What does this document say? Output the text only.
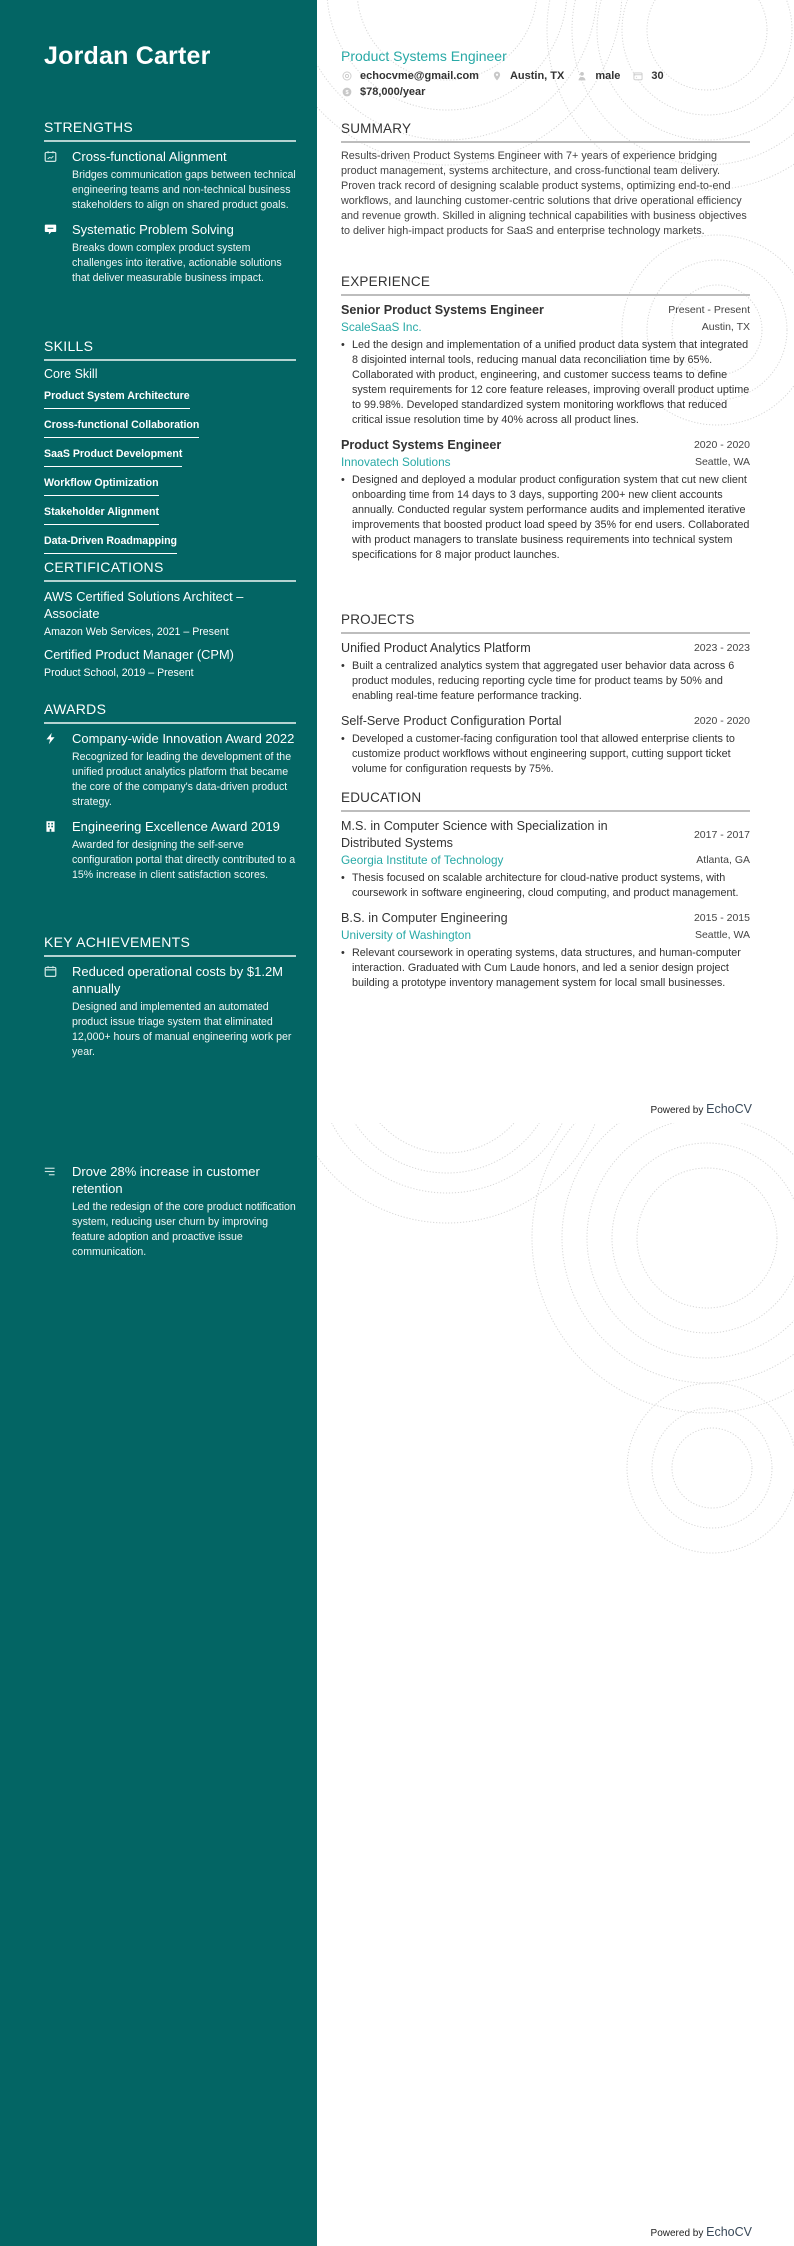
Jordan Carter
STRENGTHS
Cross-functional Alignment
Bridges communication gaps between technical engineering teams and non-technical business stakeholders to align on shared product goals.
Systematic Problem Solving
Breaks down complex product system challenges into iterative, actionable solutions that deliver measurable business impact.
SKILLS
Core Skill
Product System Architecture
Cross-functional Collaboration
SaaS Product Development
Workflow Optimization
Stakeholder Alignment
Data-Driven Roadmapping
CERTIFICATIONS
AWS Certified Solutions Architect – Associate
Amazon Web Services, 2021 – Present
Certified Product Manager (CPM)
Product School, 2019 – Present
AWARDS
Company-wide Innovation Award 2022
Recognized for leading the development of the unified product analytics platform that became the core of the company's data-driven product strategy.
Engineering Excellence Award 2019
Awarded for designing the self-serve configuration portal that directly contributed to a 15% increase in client satisfaction scores.
KEY ACHIEVEMENTS
Reduced operational costs by $1.2M annually
Designed and implemented an automated product issue triage system that eliminated 12,000+ hours of manual engineering work per year.
Product Systems Engineer
echocvme@gmail.com	Austin, TX	male	30
$ $78,000/year
SUMMARY
Results-driven Product Systems Engineer with 7+ years of experience bridging product management, systems architecture, and cross-functional team delivery. Proven track record of designing scalable product systems, optimizing end-to-end workflows, and launching customer-centric solutions that drive operational efficiency and revenue growth. Skilled in aligning technical capabilities with business objectives to deliver high-impact products for SaaS and enterprise technology markets.
EXPERIENCE
Senior Product Systems Engineer	Present - Present
ScaleSaaS Inc.	Austin, TX
• Led the design and implementation of a unified product data system that integrated 8 disjointed internal tools, reducing manual data reconciliation time by 65%. Collaborated with product, engineering, and customer success teams to define system requirements for 12 core feature releases, improving overall product uptime to 99.98%. Developed standardized system monitoring workflows that reduced critical issue resolution time by 40% across all product lines.
Product Systems Engineer	2020 - 2020
Innovatech Solutions	Seattle, WA
• Designed and deployed a modular product configuration system that cut new client onboarding time from 14 days to 3 days, supporting 200+ new client accounts annually. Conducted regular system performance audits and implemented iterative improvements that boosted product load speed by 35% for end users. Collaborated with product managers to translate business requirements into technical system specifications for 8 major product launches.
PROJECTS
Unified Product Analytics Platform	2023 - 2023
• Built a centralized analytics system that aggregated user behavior data across 6 product modules, reducing reporting cycle time for product teams by 50% and enabling real-time feature performance tracking.
Self-Serve Product Configuration Portal	2020 - 2020
• Developed a customer-facing configuration tool that allowed enterprise clients to customize product workflows without engineering support, cutting support ticket volume for configuration requests by 75%.
EDUCATION
M.S. in Computer Science with Specialization in Distributed Systems
2017 - 2017
Georgia Institute of Technology	Atlanta, GA
• Thesis focused on scalable architecture for cloud-native product systems, with coursework in software engineering, cloud computing, and product management.
B.S. in Computer Engineering	2015 - 2015
University of Washington	Seattle, WA
• Relevant coursework in operating systems, data structures, and human-computer interaction. Graduated with Cum Laude honors, and led a senior design project building a prototype inventory management system for local small businesses.
Powered by EchoCV
Drove 28% increase in customer retention
Led the redesign of the core product notification system, reducing user churn by improving feature adoption and proactive issue communication.
Powered by EchoCV
